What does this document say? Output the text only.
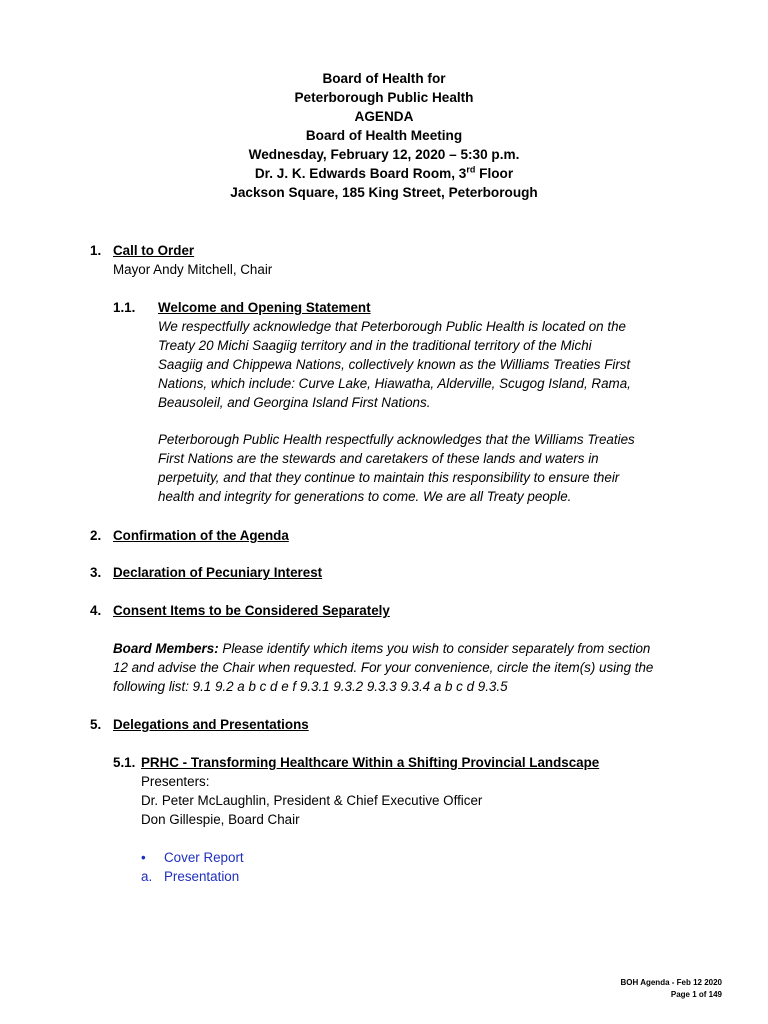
Board of Health for
Peterborough Public Health
AGENDA
Board of Health Meeting
Wednesday, February 12, 2020 – 5:30 p.m.
Dr. J. K. Edwards Board Room, 3rd Floor
Jackson Square, 185 King Street, Peterborough
1. Call to Order
Mayor Andy Mitchell, Chair
1.1. Welcome and Opening Statement
We respectfully acknowledge that Peterborough Public Health is located on the
Treaty 20 Michi Saagiig territory and in the traditional territory of the Michi
Saagiig and Chippewa Nations, collectively known as the Williams Treaties First
Nations, which include: Curve Lake, Hiawatha, Alderville, Scugog Island, Rama,
Beausoleil, and Georgina Island First Nations.
Peterborough Public Health respectfully acknowledges that the Williams Treaties
First Nations are the stewards and caretakers of these lands and waters in
perpetuity, and that they continue to maintain this responsibility to ensure their
health and integrity for generations to come. We are all Treaty people.
2. Confirmation of the Agenda
3. Declaration of Pecuniary Interest
4. Consent Items to be Considered Separately
Board Members: Please identify which items you wish to consider separately from section
12 and advise the Chair when requested. For your convenience, circle the item(s) using the
following list: 9.1 9.2 a b c d e f 9.3.1 9.3.2 9.3.3 9.3.4 a b c d 9.3.5
5. Delegations and Presentations
5.1. PRHC - Transforming Healthcare Within a Shifting Provincial Landscape
Presenters:
Dr. Peter McLaughlin, President & Chief Executive Officer
Don Gillespie, Board Chair
• Cover Report
a. Presentation
BOH Agenda - Feb 12 2020
Page 1 of 149
